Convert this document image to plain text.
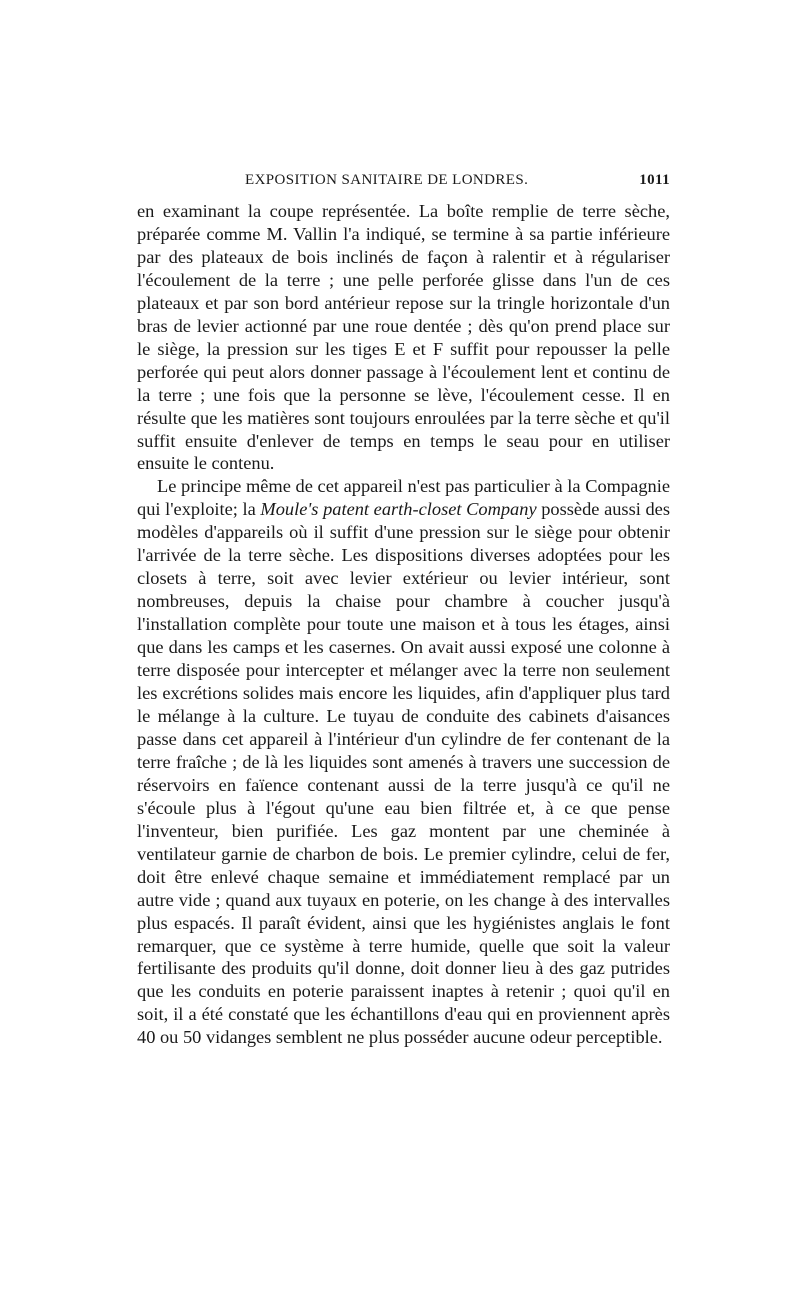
EXPOSITION SANITAIRE DE LONDRES.	1011

en examinant la coupe représentée. La boîte remplie de terre sèche, préparée comme M. Vallin l'a indiqué, se termine à sa partie inférieure par des plateaux de bois inclinés de façon à ralentir et à régulariser l'écoulement de la terre ; une pelle perforée glisse dans l'un de ces plateaux et par son bord antérieur repose sur la tringle horizontale d'un bras de levier actionné par une roue dentée ; dès qu'on prend place sur le siège, la pression sur les tiges E et F suffit pour repousser la pelle perforée qui peut alors donner passage à l'écoulement lent et continu de la terre ; une fois que la personne se lève, l'écoulement cesse. Il en résulte que les matières sont toujours enroulées par la terre sèche et qu'il suffit ensuite d'enlever de temps en temps le seau pour en utiliser ensuite le contenu.

Le principe même de cet appareil n'est pas particulier à la Compagnie qui l'exploite; la Moule's patent earth-closet Company possède aussi des modèles d'appareils où il suffit d'une pression sur le siège pour obtenir l'arrivée de la terre sèche. Les dispositions diverses adoptées pour les closets à terre, soit avec levier extérieur ou levier intérieur, sont nombreuses, depuis la chaise pour chambre à coucher jusqu'à l'installation complète pour toute une maison et à tous les étages, ainsi que dans les camps et les casernes. On avait aussi exposé une colonne à terre disposée pour intercepter et mélanger avec la terre non seulement les excrétions solides mais encore les liquides, afin d'appliquer plus tard le mélange à la culture. Le tuyau de conduite des cabinets d'aisances passe dans cet appareil à l'intérieur d'un cylindre de fer contenant de la terre fraîche ; de là les liquides sont amenés à travers une succession de réservoirs en faïence contenant aussi de la terre jusqu'à ce qu'il ne s'écoule plus à l'égout qu'une eau bien filtrée et, à ce que pense l'inventeur, bien purifiée. Les gaz montent par une cheminée à ventilateur garnie de charbon de bois. Le premier cylindre, celui de fer, doit être enlevé chaque semaine et immédiatement remplacé par un autre vide ; quand aux tuyaux en poterie, on les change à des intervalles plus espacés. Il paraît évident, ainsi que les hygiénistes anglais le font remarquer, que ce système à terre humide, quelle que soit la valeur fertilisante des produits qu'il donne, doit donner lieu à des gaz putrides que les conduits en poterie paraissent inaptes à retenir ; quoi qu'il en soit, il a été constaté que les échantillons d'eau qui en proviennent après 40 ou 50 vidanges semblent ne plus posséder aucune odeur perceptible.
